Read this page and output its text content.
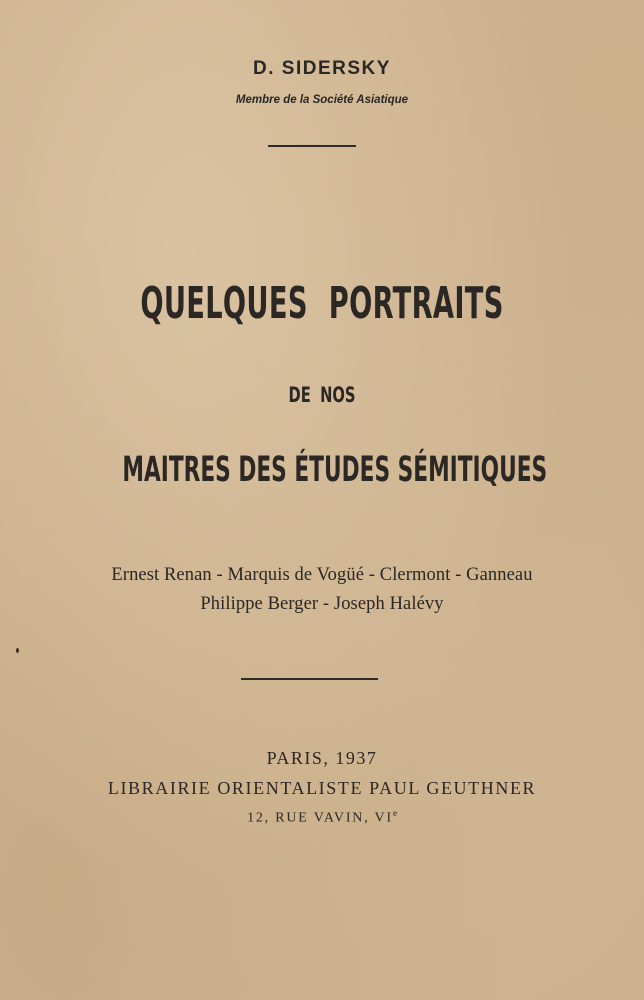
D. SIDERSKY
Membre de la Société Asiatique
QUELQUES PORTRAITS
DE NOS
MAITRES DES ÉTUDES SÉMITIQUES
Ernest Renan - Marquis de Vogüé - Clermont - Ganneau
Philippe Berger - Joseph Halévy
PARIS, 1937
LIBRAIRIE ORIENTALISTE PAUL GEUTHNER
12, RUE VAVIN, VIe
